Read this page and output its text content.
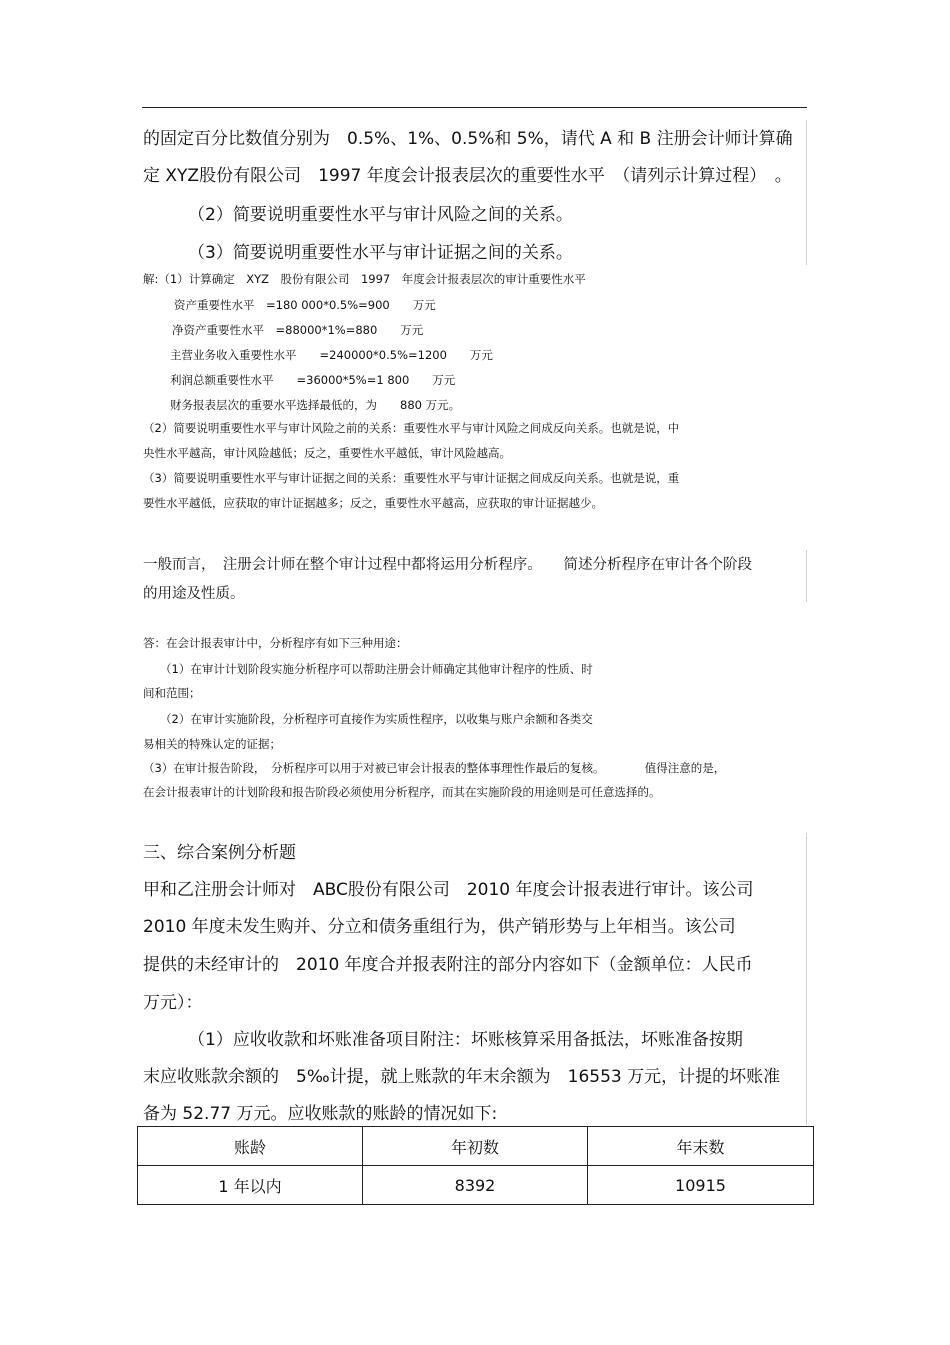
的固定百分比数值分别为　0.5%、1%、0.5%和 5%，请代 A 和 B 注册会计师计算确
定 XYZ股份有限公司　1997 年度会计报表层次的重要性水平　（请列示计算过程）　。
（2）简要说明重要性水平与审计风险之间的关系。
（3）简要说明重要性水平与审计证据之间的关系。
解:（1）计算确定　XYZ　股份有限公司　1997　年度会计报表层次的审计重要性水平
资产重要性水平　=180 000*0.5%=900　　万元
净资产重要性水平　=88000*1%=880　　万元
主营业务收入重要性水平　　=240000*0.5%=1200　　万元
利润总额重要性水平　　=36000*5%=1 800　　万元
财务报表层次的重要水平选择最低的，为　　880 万元。
（2）简要说明重要性水平与审计风险之前的关系：重要性水平与审计风险之间成反向关系。也就是说，中
央性水平越高，审计风险越低；反之，重要性水平越低，审计风险越高。
（3）简要说明重要性水平与审计证据之间的关系：重要性水平与审计证据之间成反向关系。也就是说，重
要性水平越低，应获取的审计证据越多；反之，重要性水平越高，应获取的审计证据越少。
一般而言，　注册会计师在整个审计过程中都将运用分析程序。　　简述分析程序在审计各个阶段
的用途及性质。
答：在会计报表审计中，分析程序有如下三种用途：
（1）在审计计划阶段实施分析程序可以帮助注册会计师确定其他审计程序的性质、时
间和范围；
（2）在审计实施阶段，分析程序可直接作为实质性程序，以收集与账户余额和各类交
易相关的特殊认定的证据；
（3）在审计报告阶段，　分析程序可以用于对被已审会计报表的整体事理性作最后的复核。　　　　值得注意的是，
在会计报表审计的计划阶段和报告阶段必须使用分析程序，而其在实施阶段的用途则是可任意选择的。
三、综合案例分析题
甲和乙注册会计师对　ABC股份有限公司　2010 年度会计报表进行审计。该公司
2010 年度未发生购并、分立和债务重组行为，供产销形势与上年相当。该公司
提供的未经审计的　2010 年度合并报表附注的部分内容如下（金额单位：人民币
万元）：
（1）应收收款和坏账准备项目附注：坏账核算采用备抵法，坏账准备按期
末应收账款余额的　5‰计提，就上账款的年末余额为　16553 万元，计提的坏账准
备为 52.77 万元。应收账款的账龄的情况如下:
账龄	年初数	年末数
1 年以内	8392	10915
